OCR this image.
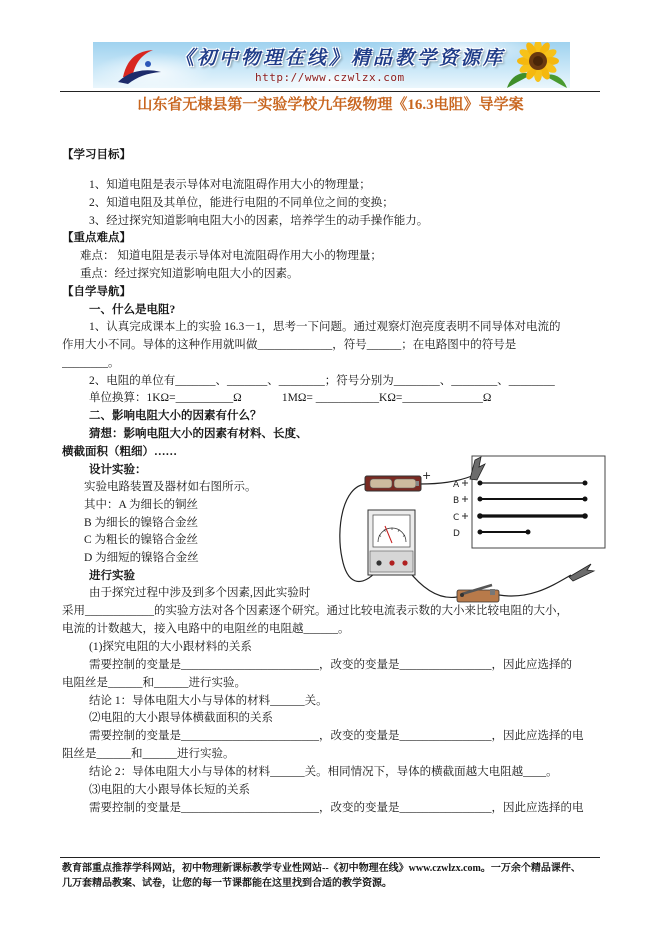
《初中物理在线》精品教学资源库
http://www.czwlzx.com
山东省无棣县第一实验学校九年级物理《16.3电阻》导学案
【学习目标】
1、知道电阻是表示导体对电流阻碍作用大小的物理量；
2、知道电阻及其单位，能进行电阻的不同单位之间的变换；
3、经过探究知道影响电阻大小的因素，培养学生的动手操作能力。
【重点难点】
难点： 知道电阻是表示导体对电流阻碍作用大小的物理量；
重点：经过探究知道影响电阻大小的因素。
【自学导航】
一、什么是电阻?
1、认真完成课本上的实验 16.3－1，思考一下问题。通过观察灯泡亮度表明不同导体对电流的
作用大小不同。导体的这种作用就叫做_____________，符号______；在电路图中的符号是
________。
2、电阻的单位有_______、_______、________；符号分别为________、________、________
单位换算：1KΩ=__________Ω              1MΩ= ___________KΩ=______________Ω
二、影响电阻大小的因素有什么？
猜想：影响电阻大小的因素有材料、长度、
横截面积（粗细）……
设计实验：
实验电路装置及器材如右图所示。
其中：A 为细长的铜丝
B 为细长的镍铬合金丝
C 为粗长的镍铬合金丝
D 为细短的镍铬合金丝
进行实验
由于探究过程中涉及到多个因素,因此实验时
采用____________的实验方法对各个因素逐个研究。通过比较电流表示数的大小来比较电阻的大小，
电流的计数越大，接入电路中的电阻丝的电阻越______。
(1)探究电阻的大小跟材料的关系
需要控制的变量是________________________，改变的变量是________________，因此应选择的
电阻丝是______和______进行实验。
结论 1：导体电阻大小与导体的材料______关。
⑵电阻的大小跟导体横截面积的关系
需要控制的变量是________________________，改变的变量是________________，因此应选择的电
阻丝是______和______进行实验。
结论 2：导体电阻大小与导体的材料______关。相同情况下，导体的横截面越大电阻越____。
⑶电阻的大小跟导体长短的关系
需要控制的变量是________________________，改变的变量是________________，因此应选择的电
+
A
B
C
D
教育部重点推荐学科网站，初中物理新课标教学专业性网站--《初中物理在线》www.czwlzx.com。一万余个精品课件、
几万套精品教案、试卷，让您的每一节课都能在这里找到合适的教学资源。
